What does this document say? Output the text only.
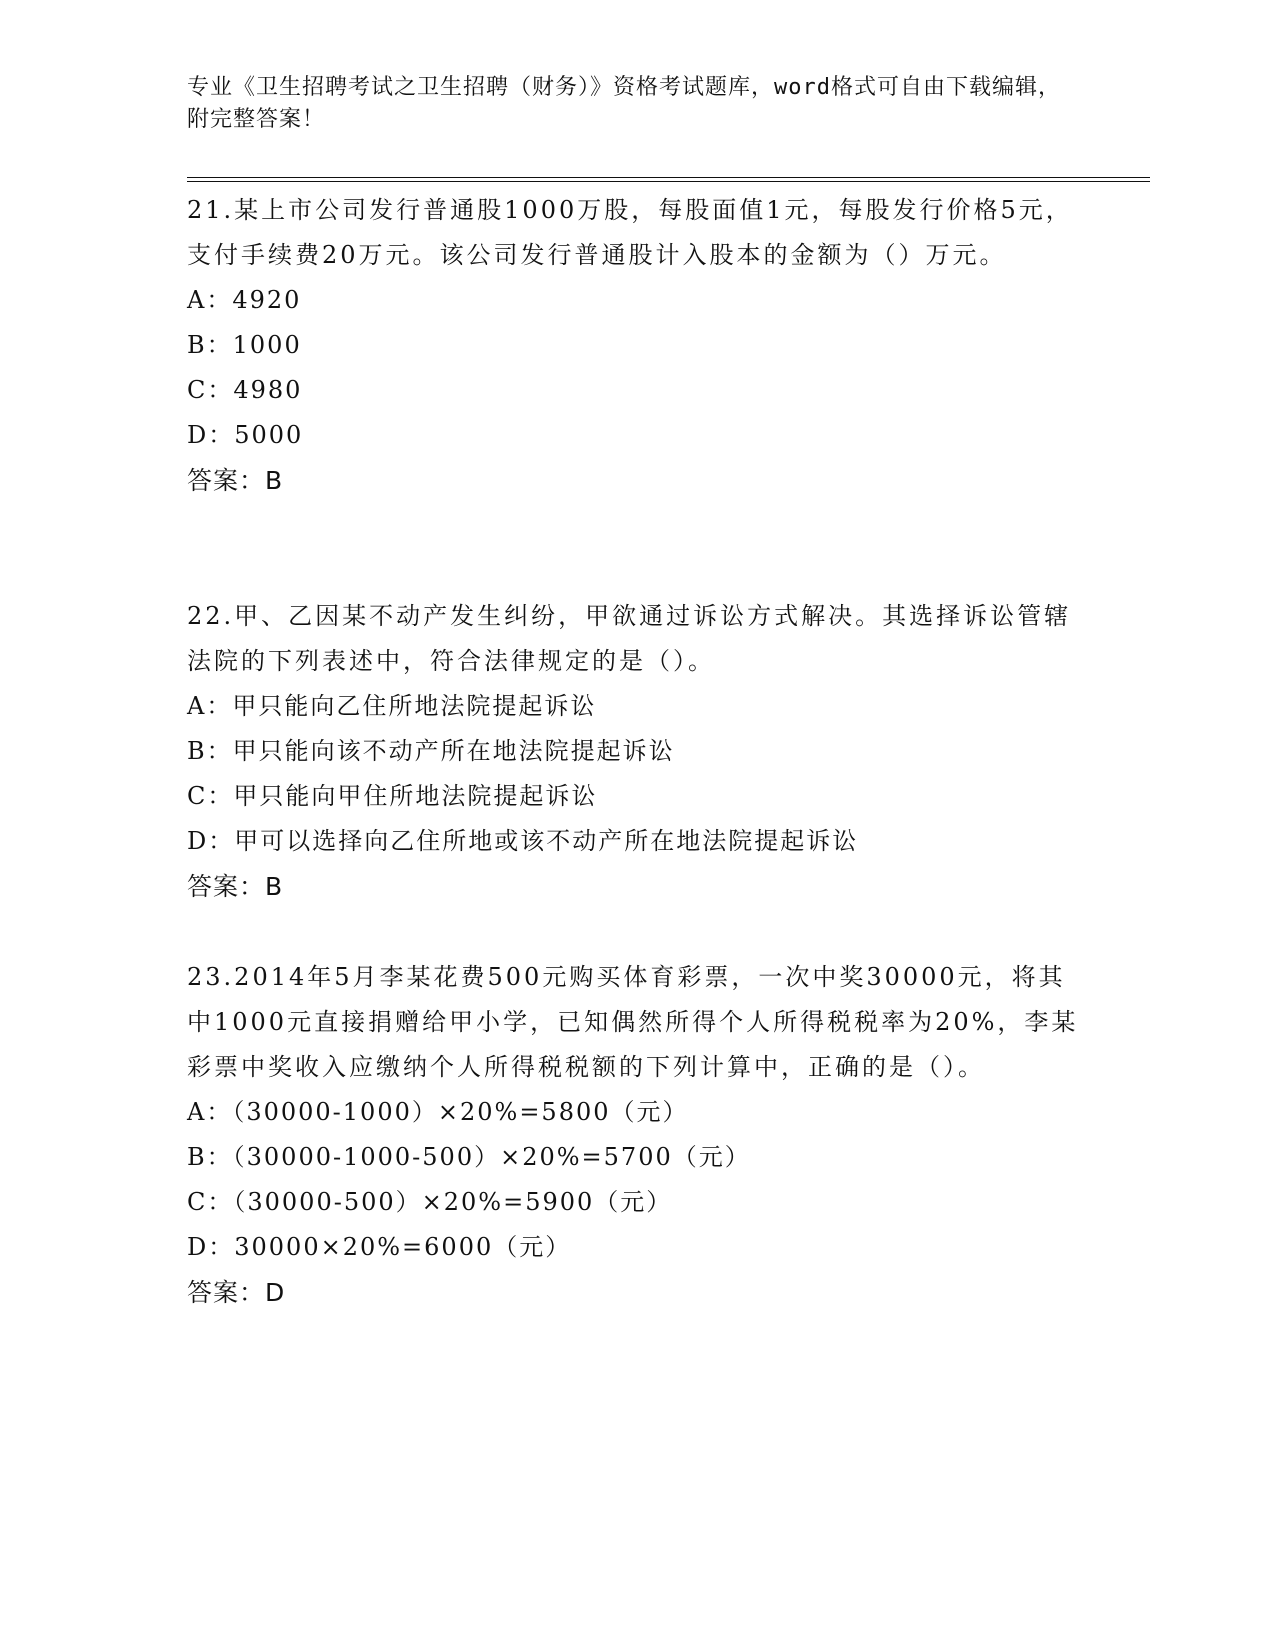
专业《卫生招聘考试之卫生招聘（财务）》资格考试题库，word格式可自由下载编辑，附完整答案！

21.某上市公司发行普通股1000万股，每股面值1元，每股发行价格5元，支付手续费20万元。该公司发行普通股计入股本的金额为（）万元。

A：4920

B：1000

C：4980

D：5000

答案：B

22.甲、乙因某不动产发生纠纷，甲欲通过诉讼方式解决。其选择诉讼管辖法院的下列表述中，符合法律规定的是（）。

A：甲只能向乙住所地法院提起诉讼

B：甲只能向该不动产所在地法院提起诉讼

C：甲只能向甲住所地法院提起诉讼

D：甲可以选择向乙住所地或该不动产所在地法院提起诉讼

答案：B

23.2014年5月李某花费500元购买体育彩票，一次中奖30000元，将其中1000元直接捐赠给甲小学，已知偶然所得个人所得税税率为20%，李某彩票中奖收入应缴纳个人所得税税额的下列计算中，正确的是（）。

A：（30000-1000）×20%=5800（元）

B：（30000-1000-500）×20%=5700（元）

C：（30000-500）×20%=5900（元）

D：30000×20%=6000（元）

答案：D
